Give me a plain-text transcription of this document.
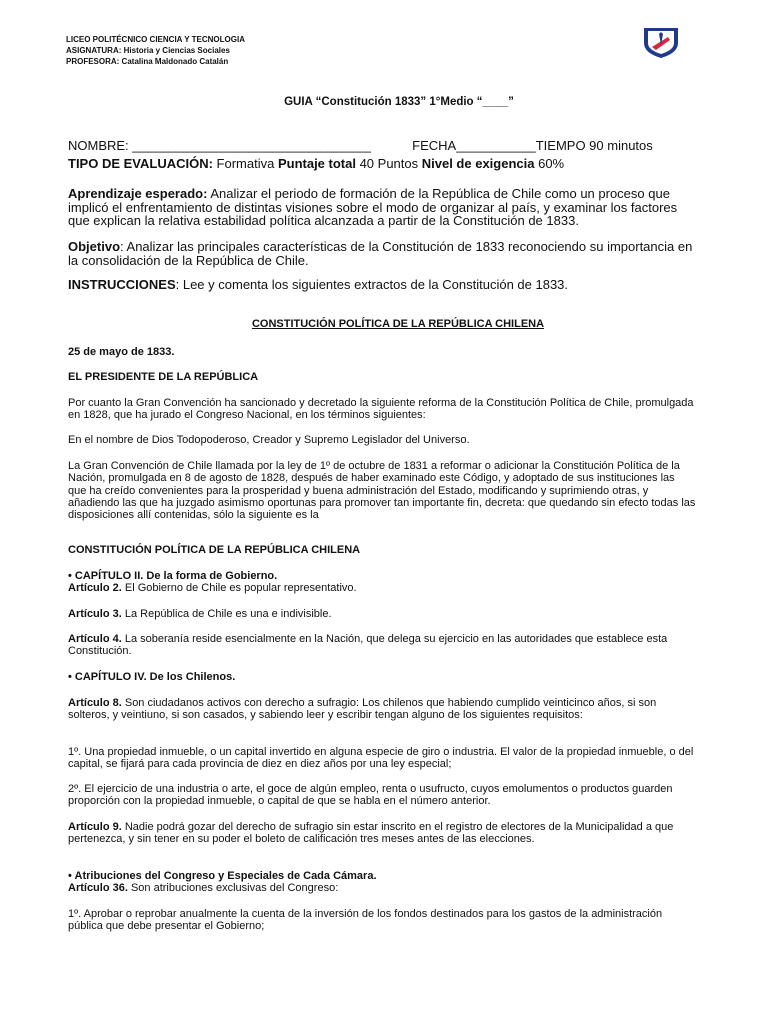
LICEO POLITÉCNICO CIENCIA Y TECNOLOGIA
ASIGNATURA: Historia y Ciencias Sociales
PROFESORA: Catalina Maldonado Catalán
GUIA “Constitución 1833” 1°Medio “____”
NOMBRE: _________________________________	FECHA___________TIEMPO 90 minutos
TIPO DE EVALUACIÓN: Formativa Puntaje total 40 Puntos Nivel de exigencia 60%
Aprendizaje esperado: Analizar el periodo de formación de la República de Chile como un proceso que implicó el enfrentamiento de distintas visiones sobre el modo de organizar al país, y examinar los factores que explican la relativa estabilidad política alcanzada a partir de la Constitución de 1833.
Objetivo: Analizar las principales características de la Constitución de 1833 reconociendo su importancia en la consolidación de la República de Chile.
INSTRUCCIONES: Lee y comenta los siguientes extractos de la Constitución de 1833.
CONSTITUCIÓN POLÍTICA DE LA REPÚBLICA CHILENA
25 de mayo de 1833.
EL PRESIDENTE DE LA REPÚBLICA
Por cuanto la Gran Convención ha sancionado y decretado la siguiente reforma de la Constitución Política de Chile, promulgada en 1828, que ha jurado el Congreso Nacional, en los términos siguientes:
En el nombre de Dios Todopoderoso, Creador y Supremo Legislador del Universo.
La Gran Convención de Chile llamada por la ley de 1º de octubre de 1831 a reformar o adicionar la Constitución Política de la Nación, promulgada en 8 de agosto de 1828, después de haber examinado este Código, y adoptado de sus instituciones las que ha creído convenientes para la prosperidad y buena administración del Estado, modificando y suprimiendo otras, y añadiendo las que ha juzgado asimismo oportunas para promover tan importante fin, decreta: que quedando sin efecto todas las disposiciones allí contenidas, sólo la siguiente es la
CONSTITUCIÓN POLÍTICA DE LA REPÚBLICA CHILENA
• CAPÍTULO II. De la forma de Gobierno.
Artículo 2. El Gobierno de Chile es popular representativo.
Artículo 3. La República de Chile es una e indivisible.
Artículo 4. La soberanía reside esencialmente en la Nación, que delega su ejercicio en las autoridades que establece esta Constitución.
• CAPÍTULO IV. De los Chilenos.
Artículo 8. Son ciudadanos activos con derecho a sufragio: Los chilenos que habiendo cumplido veinticinco años, si son solteros, y veintiuno, si son casados, y sabiendo leer y escribir tengan alguno de los siguientes requisitos:
1º. Una propiedad inmueble, o un capital invertido en alguna especie de giro o industria. El valor de la propiedad inmueble, o del capital, se fijará para cada provincia de diez en diez años por una ley especial;
2º. El ejercicio de una industria o arte, el goce de algún empleo, renta o usufructo, cuyos emolumentos o productos guarden proporción con la propiedad inmueble, o capital de que se habla en el número anterior.
Artículo 9. Nadie podrá gozar del derecho de sufragio sin estar inscrito en el registro de electores de la Municipalidad a que pertenezca, y sin tener en su poder el boleto de calificación tres meses antes de las elecciones.
• Atribuciones del Congreso y Especiales de Cada Cámara.
Artículo 36. Son atribuciones exclusivas del Congreso:
1º. Aprobar o reprobar anualmente la cuenta de la inversión de los fondos destinados para los gastos de la administración pública que debe presentar el Gobierno;
